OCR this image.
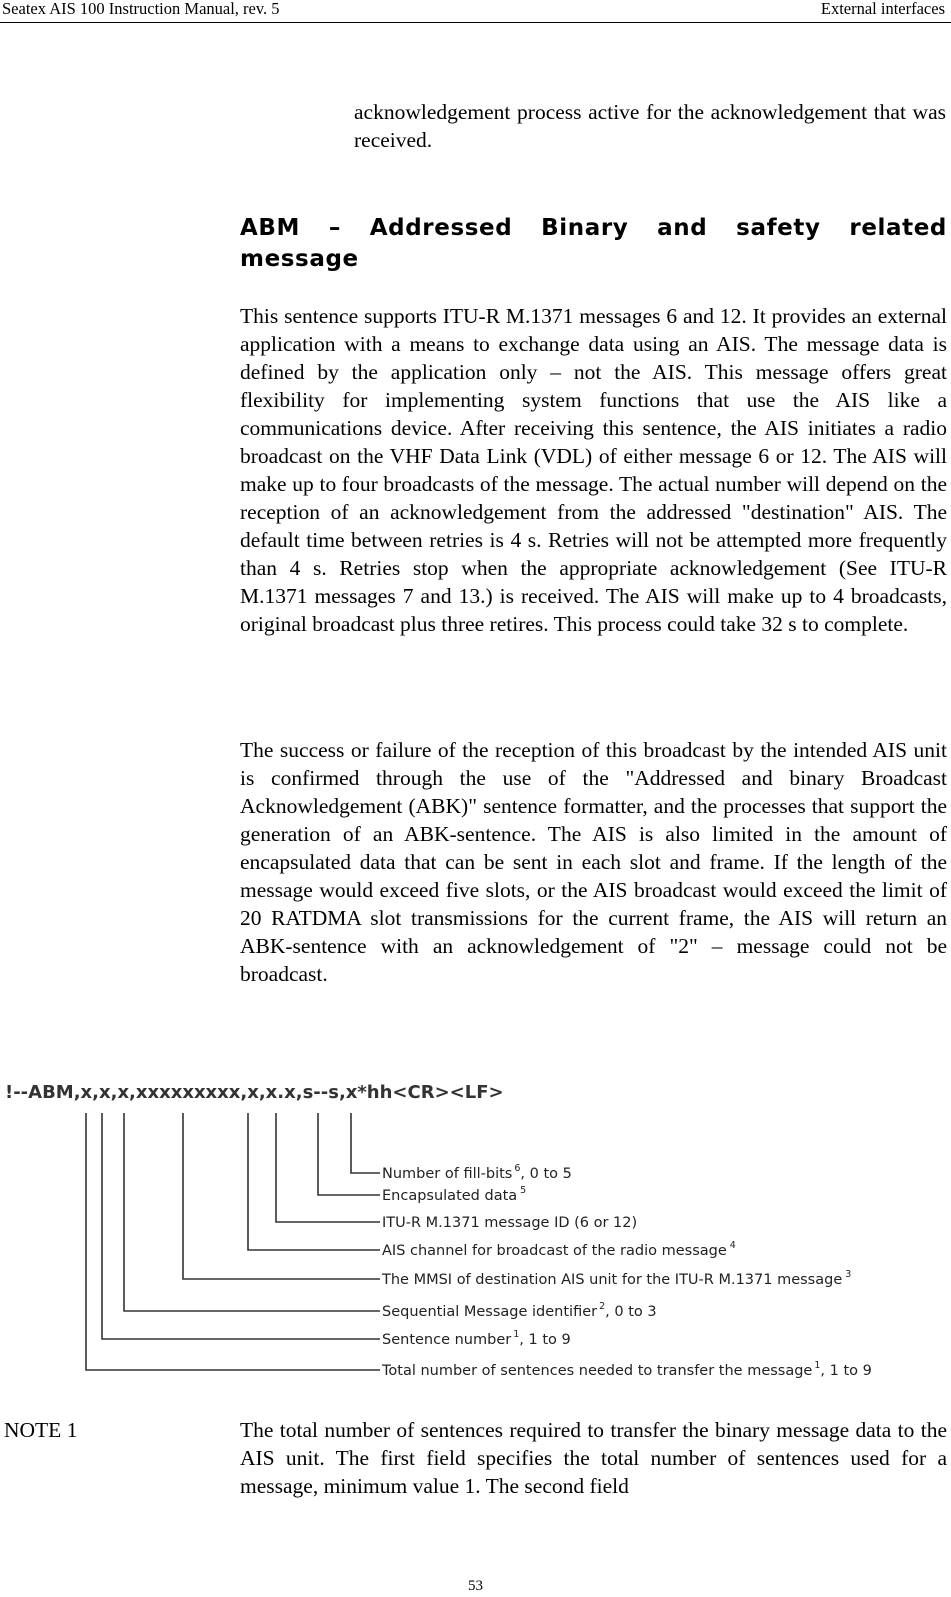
Seatex AIS 100 Instruction Manual, rev. 5	External interfaces
acknowledgement process active for the acknowledgement that was received.
ABM – Addressed Binary and safety related message
This sentence supports ITU-R M.1371 messages 6 and 12. It provides an external application with a means to exchange data using an AIS. The message data is defined by the application only – not the AIS. This message offers great flexibility for implementing system functions that use the AIS like a communications device. After receiving this sentence, the AIS initiates a radio broadcast on the VHF Data Link (VDL) of either message 6 or 12. The AIS will make up to four broadcasts of the message. The actual number will depend on the reception of an acknowledgement from the addressed "destination" AIS. The default time between retries is 4 s. Retries will not be attempted more frequently than 4 s. Retries stop when the appropriate acknowledgement (See ITU-R M.1371 messages 7 and 13.) is received. The AIS will make up to 4 broadcasts, original broadcast plus three retires. This process could take 32 s to complete.
The success or failure of the reception of this broadcast by the intended AIS unit is confirmed through the use of the "Addressed and binary Broadcast Acknowledgement (ABK)" sentence formatter, and the processes that support the generation of an ABK-sentence. The AIS is also limited in the amount of encapsulated data that can be sent in each slot and frame. If the length of the message would exceed five slots, or the AIS broadcast would exceed the limit of 20 RATDMA slot transmissions for the current frame, the AIS will return an ABK-sentence with an acknowledgement of "2" – message could not be broadcast.
!--ABM,x,x,x,xxxxxxxxx,x,x.x,s--s,x*hh<CR><LF>
Number of fill-bits $^6$, 0 to 5
Encapsulated data $^5$
ITU-R M.1371 message ID (6 or 12)
AIS channel for broadcast of the radio message $^4$
The MMSI of destination AIS unit for the ITU-R M.1371 message $^3$
Sequential Message identifier $^2$, 0 to 3
Sentence number $^1$, 1 to 9
Total number of sentences needed to transfer the message $^1$, 1 to 9
NOTE 1	The total number of sentences required to transfer the binary message data to the AIS unit. The first field specifies the total number of sentences used for a message, minimum value 1. The second field
53
